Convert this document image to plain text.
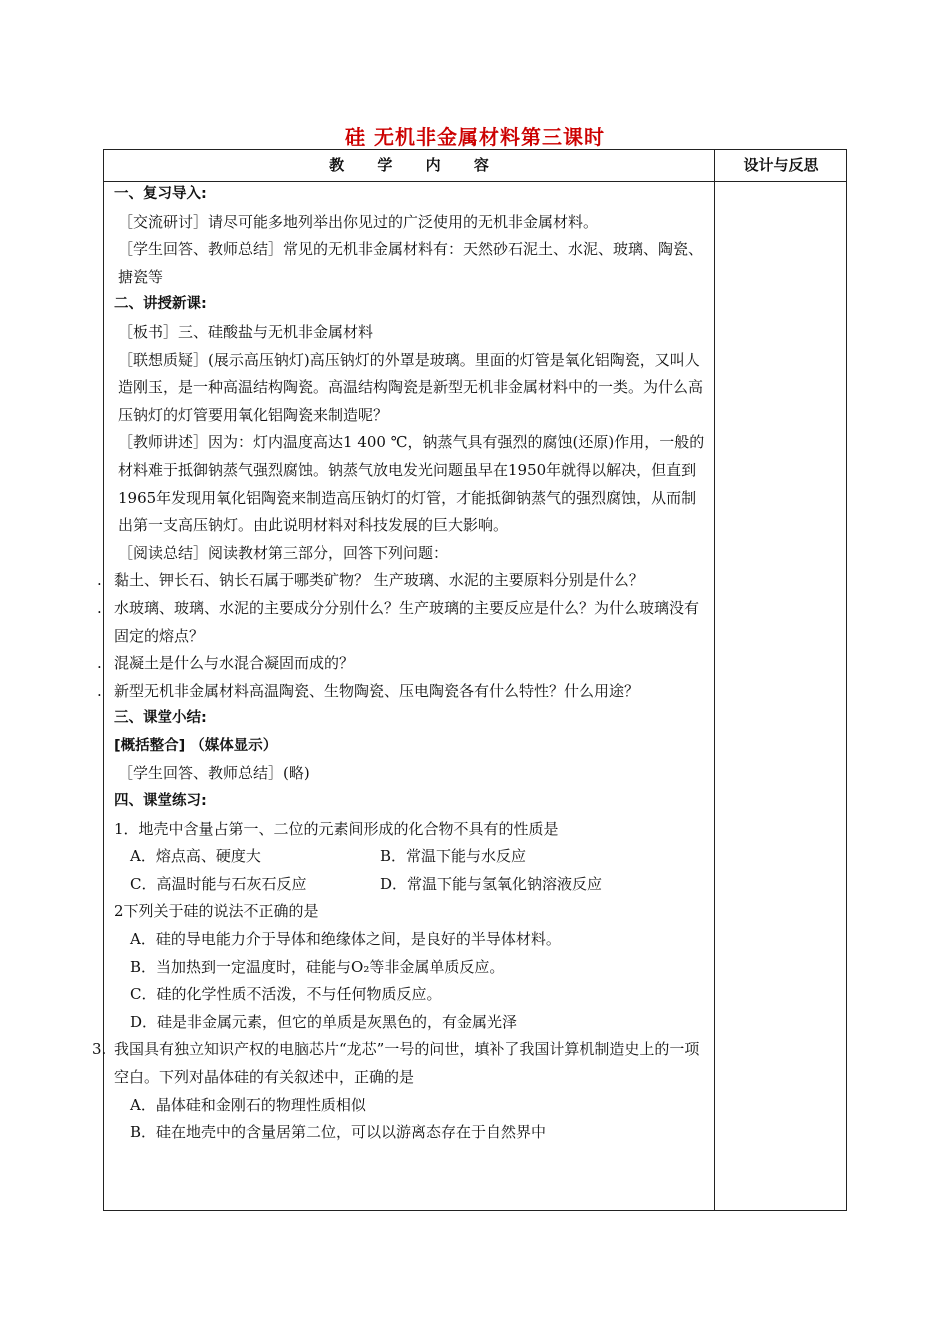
硅 无机非金属材料第三课时
教 学 内 容	设计与反思
一、复习导入:
［交流研讨］请尽可能多地列举出你见过的广泛使用的无机非金属材料。
［学生回答、教师总结］常见的无机非金属材料有：天然砂石泥土、水泥、玻璃、陶瓷、搪瓷等
二、讲授新课:
［板书］三、硅酸盐与无机非金属材料
［联想质疑］(展示高压钠灯)高压钠灯的外罩是玻璃。里面的灯管是氧化铝陶瓷，又叫人造刚玉，是一种高温结构陶瓷。高温结构陶瓷是新型无机非金属材料中的一类。为什么高压钠灯的灯管要用氧化铝陶瓷来制造呢？
［教师讲述］因为：灯内温度高达1 400 ℃，钠蒸气具有强烈的腐蚀(还原)作用，一般的材料难于抵御钠蒸气强烈腐蚀。钠蒸气放电发光问题虽早在1950年就得以解决，但直到1965年发现用氧化铝陶瓷来制造高压钠灯的灯管，才能抵御钠蒸气的强烈腐蚀，从而制出第一支高压钠灯。由此说明材料对科技发展的巨大影响。
［阅读总结］阅读教材第三部分，回答下列问题：
. 黏土、钾长石、钠长石属于哪类矿物？ 生产玻璃、水泥的主要原料分别是什么？
. 水玻璃、玻璃、水泥的主要成分分别什么？生产玻璃的主要反应是什么？为什么玻璃没有固定的熔点？
. 混凝土是什么与水混合凝固而成的？
. 新型无机非金属材料高温陶瓷、生物陶瓷、压电陶瓷各有什么特性？什么用途？
三、课堂小结:
[概括整合] （媒体显示）
［学生回答、教师总结］(略)
四、课堂练习:
1．地壳中含量占第一、二位的元素间形成的化合物不具有的性质是
A．熔点高、硬度大	B．常温下能与水反应
C．高温时能与石灰石反应	D．常温下能与氢氧化钠溶液反应
2下列关于硅的说法不正确的是
A．硅的导电能力介于导体和绝缘体之间，是良好的半导体材料。
B．当加热到一定温度时，硅能与O₂等非金属单质反应。
C．硅的化学性质不活泼，不与任何物质反应。
D．硅是非金属元素，但它的单质是灰黑色的，有金属光泽
3. 我国具有独立知识产权的电脑芯片“龙芯”一号的问世，填补了我国计算机制造史上的一项空白。下列对晶体硅的有关叙述中，正确的是
A．晶体硅和金刚石的物理性质相似
B．硅在地壳中的含量居第二位，可以以游离态存在于自然界中
